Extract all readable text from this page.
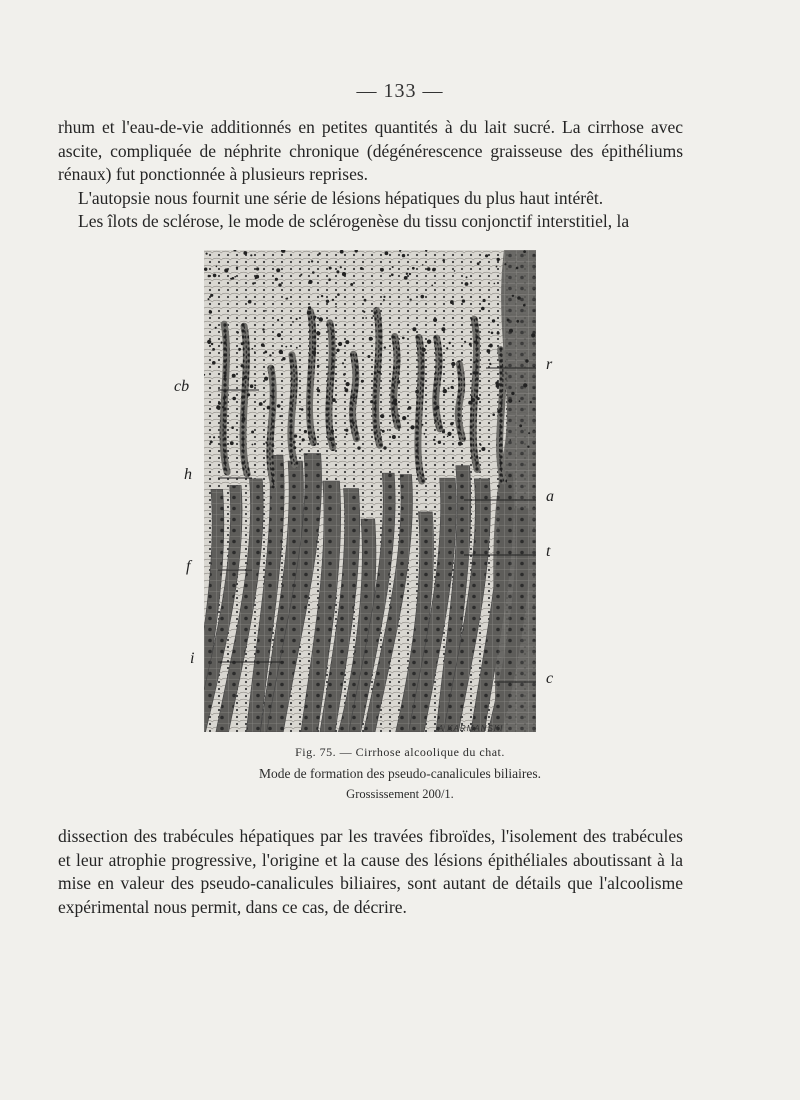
— 133 —

rhum et l'eau-de-vie additionnés en petites quantités à du lait sucré. La cirrhose avec ascite, compliquée de néphrite chronique (dégénérescence graisseuse des épithéliums rénaux) fut ponctionnée à plusieurs reprises.

L'autopsie nous fournit une série de lésions hépatiques du plus haut intérêt.

Les îlots de sclérose, le mode de sclérogenèse du tissu conjonctif interstitiel, la

cb
h
f
i
r
a
t
c
A KARMANSKI
Fig. 75. — Cirrhose alcoolique du chat.
Mode de formation des pseudo-canalicules biliaires.
Grossissement 200/1.

dissection des trabécules hépatiques par les travées fibroïdes, l'isolement des trabécules et leur atrophie progressive, l'origine et la cause des lésions épithéliales aboutissant à la mise en valeur des pseudo-canalicules biliaires, sont autant de détails que l'alcoolisme expérimental nous permit, dans ce cas, de décrire.
